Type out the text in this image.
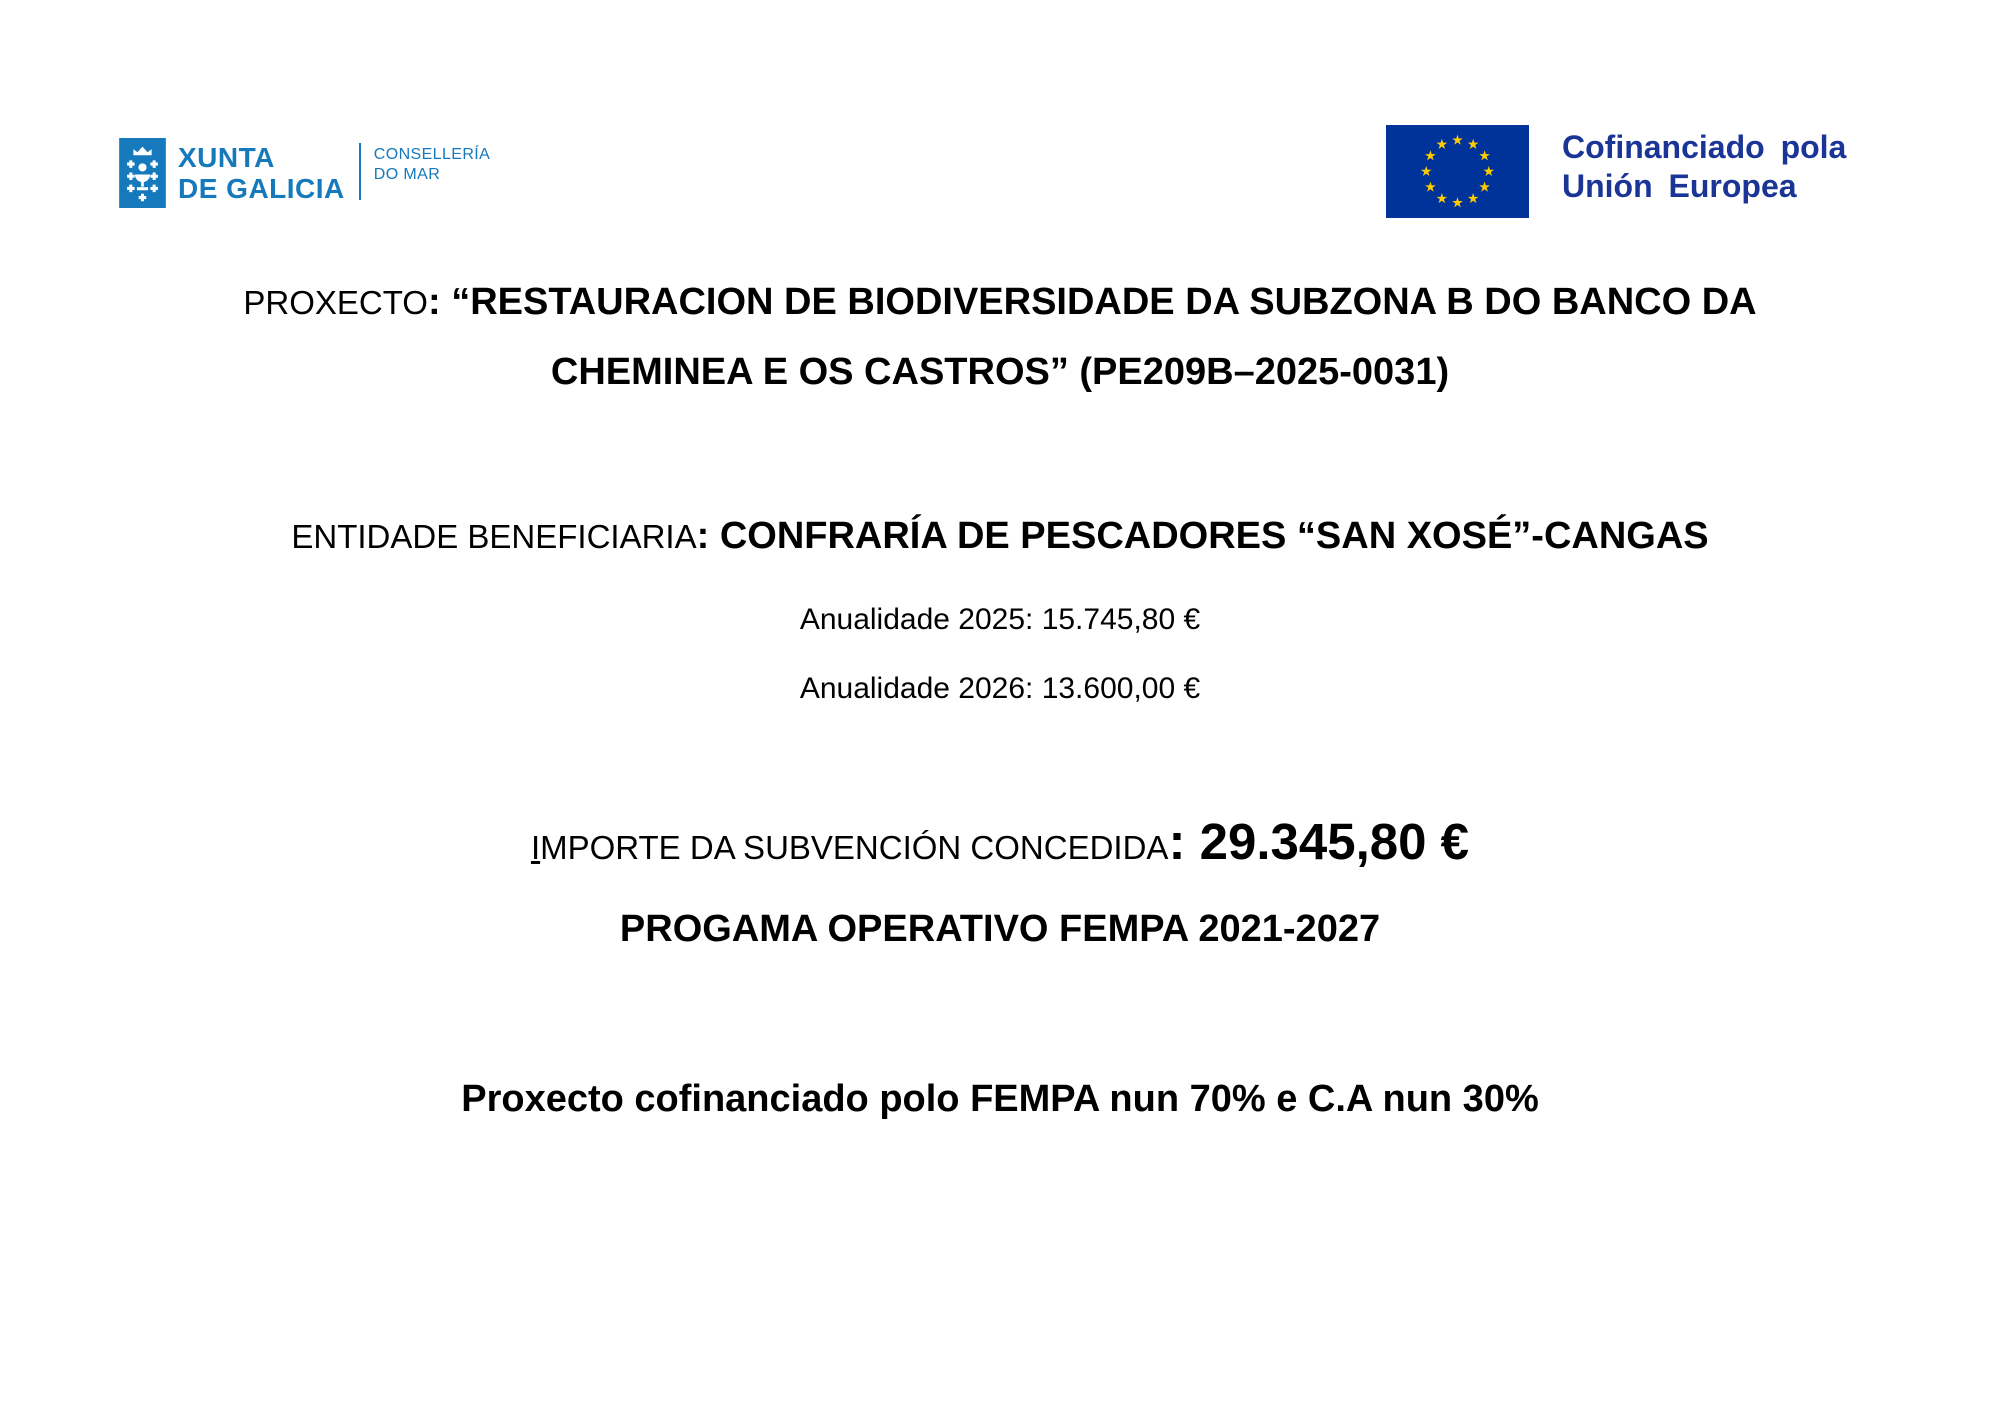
XUNTA
DE GALICIA
CONSELLERÍA
DO MAR
Cofinanciado pola
Unión Europea
PROXECTO: “RESTAURACION DE BIODIVERSIDADE DA SUBZONA B DO BANCO DA
CHEMINEA E OS CASTROS” (PE209B–2025-0031)
ENTIDADE BENEFICIARIA: CONFRARÍA DE PESCADORES “SAN XOSÉ”-CANGAS
Anualidade 2025: 15.745,80 €
Anualidade 2026: 13.600,00 €
IMPORTE DA SUBVENCIÓN CONCEDIDA: 29.345,80 €
PROGAMA OPERATIVO FEMPA 2021-2027
Proxecto cofinanciado polo FEMPA nun 70% e C.A nun 30%
